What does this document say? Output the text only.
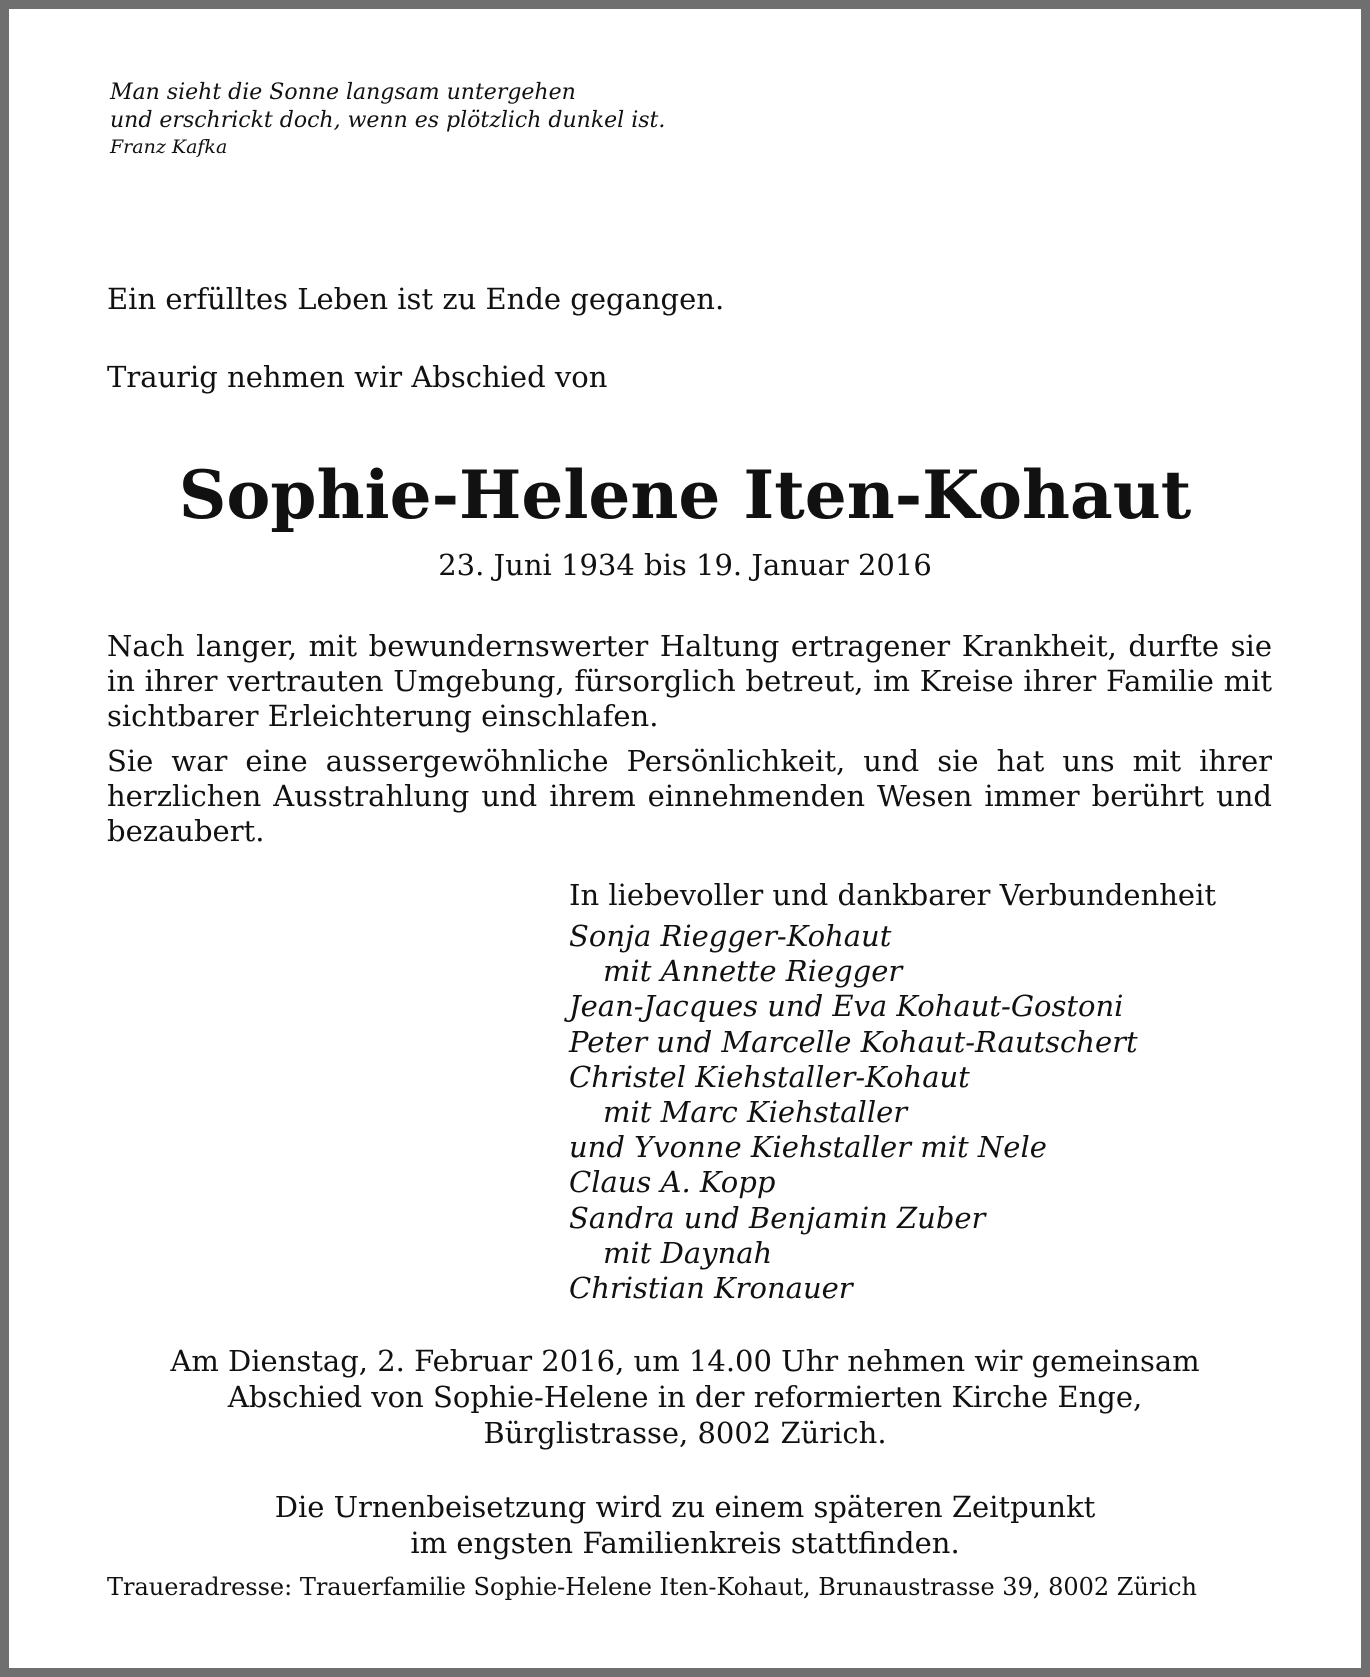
Man sieht die Sonne langsam untergehen

und erschrickt doch, wenn es plötzlich dunkel ist.

Franz Kafka

Ein erfülltes Leben ist zu Ende gegangen.

Traurig nehmen wir Abschied von

Sophie-Helene Iten-Kohaut

23. Juni 1934 bis 19. Januar 2016

Nach langer, mit bewundernswerter Haltung ertragener Krankheit, durfte sie in ihrer vertrauten Umgebung, fürsorglich betreut, im Kreise ihrer Familie mit sichtbarer Erleichterung einschlafen.

Sie war eine aussergewöhnliche Persönlichkeit, und sie hat uns mit ihrer herzlichen Ausstrahlung und ihrem einnehmenden Wesen immer berührt und bezaubert.

In liebevoller und dankbarer Verbundenheit

Sonja Riegger-Kohaut
mit Annette Riegger
Jean-Jacques und Eva Kohaut-Gostoni
Peter und Marcelle Kohaut-Rautschert
Christel Kiehstaller-Kohaut
mit Marc Kiehstaller
und Yvonne Kiehstaller mit Nele
Claus A. Kopp
Sandra und Benjamin Zuber
mit Daynah
Christian Kronauer

Am Dienstag, 2. Februar 2016, um 14.00 Uhr nehmen wir gemeinsam

Abschied von Sophie-Helene in der reformierten Kirche Enge,

Bürglistrasse, 8002 Zürich.

Die Urnenbeisetzung wird zu einem späteren Zeitpunkt

im engsten Familienkreis stattfinden.

Traueradresse: Trauerfamilie Sophie-Helene Iten-Kohaut, Brunaustrasse 39, 8002 Zürich
